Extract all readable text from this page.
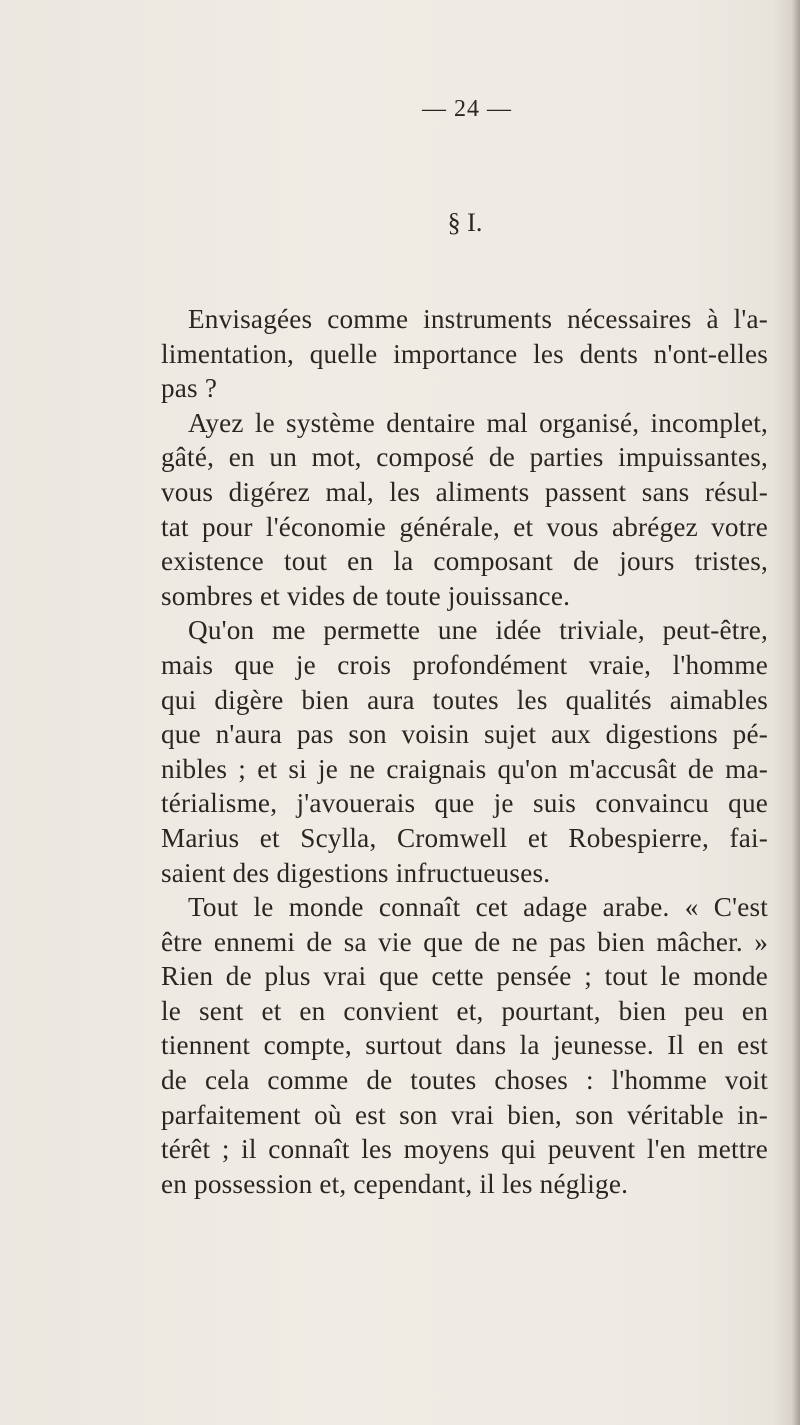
— 24 —
§ I.
Envisagées comme instruments nécessaires à l'a-
limentation, quelle importance les dents n'ont-elles
pas ?
Ayez le système dentaire mal organisé, incomplet,
gâté, en un mot, composé de parties impuissantes,
vous digérez mal, les aliments passent sans résul-
tat pour l'économie générale, et vous abrégez votre
existence tout en la composant de jours tristes,
sombres et vides de toute jouissance.
Qu'on me permette une idée triviale, peut-être,
mais que je crois profondément vraie, l'homme
qui digère bien aura toutes les qualités aimables
que n'aura pas son voisin sujet aux digestions pé-
nibles ; et si je ne craignais qu'on m'accusât de ma-
térialisme, j'avouerais que je suis convaincu que
Marius et Scylla, Cromwell et Robespierre, fai-
saient des digestions infructueuses.
Tout le monde connaît cet adage arabe. « C'est
être ennemi de sa vie que de ne pas bien mâcher. »
Rien de plus vrai que cette pensée ; tout le monde
le sent et en convient et, pourtant, bien peu en
tiennent compte, surtout dans la jeunesse. Il en est
de cela comme de toutes choses : l'homme voit
parfaitement où est son vrai bien, son véritable in-
térêt ; il connaît les moyens qui peuvent l'en mettre
en possession et, cependant, il les néglige.
